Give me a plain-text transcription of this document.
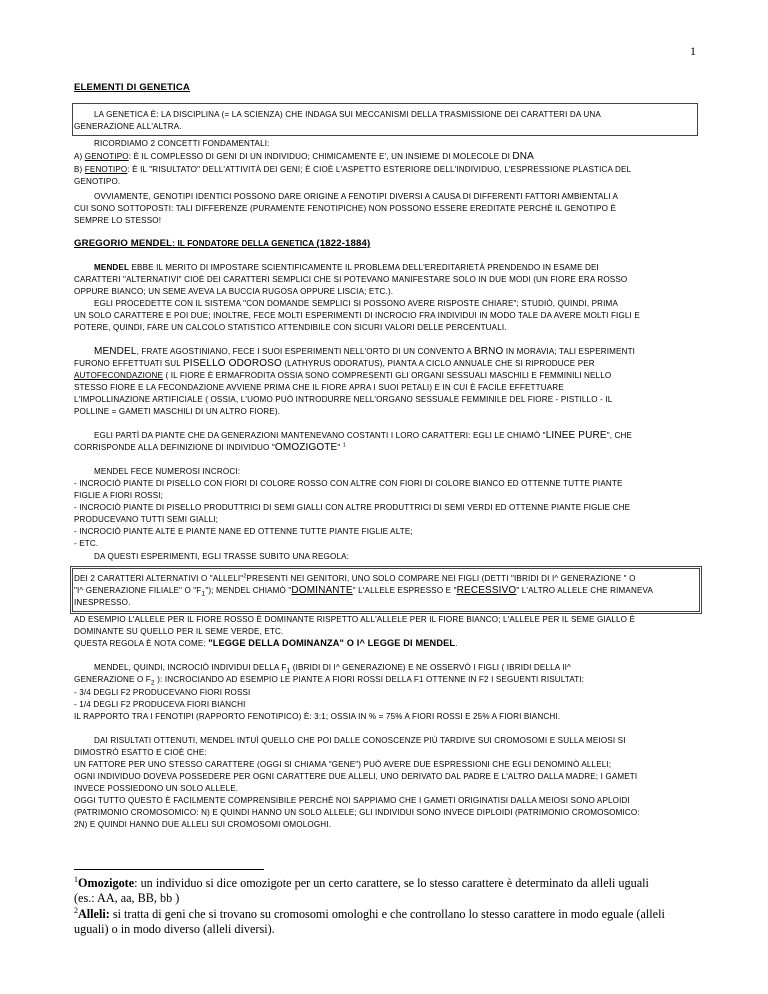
1
ELEMENTI DI GENETICA
LA GENETICA È: LA DISCIPLINA (= LA SCIENZA) CHE INDAGA SUI MECCANISMI DELLA TRASMISSIONE DEI CARATTERI DA UNA
GENERAZIONE ALL'ALTRA.
RICORDIAMO 2 CONCETTI FONDAMENTALI:
A) GENOTIPO: È IL COMPLESSO DI GENI DI UN INDIVIDUO; CHIMICAMENTE E', UN INSIEME DI MOLECOLE DI DNA
B) FENOTIPO: È IL "RISULTATO" DELL'ATTIVITÀ DEI GENI; È CIOÈ L'ASPETTO ESTERIORE DELL'INDIVIDUO, L'ESPRESSIONE PLASTICA DEL
GENOTIPO.
OVVIAMENTE, GENOTIPI IDENTICI POSSONO DARE ORIGINE A FENOTIPI DIVERSI A CAUSA DI DIFFERENTI FATTORI AMBIENTALI A
CUI SONO SOTTOPOSTI: TALI DIFFERENZE (PURAMENTE FENOTIPICHE) NON POSSONO ESSERE EREDITATE PERCHÈ IL GENOTIPO È
SEMPRE LO STESSO!
GREGORIO MENDEL: IL FONDATORE DELLA GENETICA (1822-1884)
MENDEL EBBE IL MERITO DI IMPOSTARE SCIENTIFICAMENTE IL PROBLEMA DELL'EREDITARIETÀ PRENDENDO IN ESAME DEI
CARATTERI "ALTERNATIVI" CIOÈ DEI CARATTERI SEMPLICI CHE SI POTEVANO MANIFESTARE SOLO IN DUE MODI (UN FIORE ERA ROSSO
OPPURE BIANCO; UN SEME AVEVA LA BUCCIA RUGOSA OPPURE LISCIA; ETC.).
EGLI PROCEDETTE CON IL SISTEMA "CON DOMANDE SEMPLICI SI POSSONO AVERE RISPOSTE CHIARE"; STUDIÒ, QUINDI, PRIMA
UN SOLO CARATTERE E POI DUE; INOLTRE, FECE MOLTI ESPERIMENTI DI INCROCIO FRA INDIVIDUI IN MODO TALE DA AVERE MOLTI FIGLI E
POTERE, QUINDI, FARE UN CALCOLO STATISTICO ATTENDIBILE CON SICURI VALORI DELLE PERCENTUALI.
MENDEL, FRATE AGOSTINIANO, FECE I SUOI ESPERIMENTI NELL'ORTO DI UN CONVENTO A BRNO IN MORAVIA; TALI ESPERIMENTI
FURONO EFFETTUATI SUL PISELLO ODOROSO (LATHYRUS ODORATUS), PIANTA A CICLO ANNUALE CHE SI RIPRODUCE PER
AUTOFECONDAZIONE ( IL FIORE È ERMAFRODITA OSSIA SONO COMPRESENTI GLI ORGANI SESSUALI MASCHILI E FEMMINILI NELLO
STESSO FIORE E LA FECONDAZIONE AVVIENE PRIMA CHE IL FIORE APRA I SUOI PETALI) E IN CUI È FACILE EFFETTUARE
L'IMPOLLINAZIONE ARTIFICIALE ( OSSIA, L'UOMO PUÒ INTRODURRE NELL'ORGANO SESSUALE FEMMINILE DEL FIORE - PISTILLO - IL
POLLINE = GAMETI MASCHILI DI UN ALTRO FIORE).
EGLI PARTÌ DA PIANTE CHE DA GENERAZIONI MANTENEVANO COSTANTI I LORO CARATTERI: EGLI LE CHIAMÒ "LINEE PURE", CHE
CORRISPONDE ALLA DEFINIZIONE DI INDIVIDUO "OMOZIGOTE" $^1$
MENDEL FECE NUMEROSI INCROCI:
- INCROCIÒ PIANTE DI PISELLO CON FIORI DI COLORE ROSSO CON ALTRE CON FIORI DI COLORE BIANCO ED OTTENNE TUTTE PIANTE
FIGLIE A FIORI ROSSI;
- INCROCIÒ PIANTE DI PISELLO PRODUTTRICI DI SEMI GIALLI CON ALTRE PRODUTTRICI DI SEMI VERDI ED OTTENNE PIANTE FIGLIE CHE
PRODUCEVANO TUTTI SEMI GIALLI;
- INCROCIÒ PIANTE ALTE E PIANTE NANE ED OTTENNE TUTTE PIANTE FIGLIE ALTE;
- ETC.
DA QUESTI ESPERIMENTI, EGLI TRASSE SUBITO UNA REGOLA:
DEI 2 CARATTERI ALTERNATIVI O "ALLELI"$^2$PRESENTI NEI GENITORI, UNO SOLO COMPARE NEI FIGLI (DETTI "IBRIDI DI I^ GENERAZIONE " O
"I^ GENERAZIONE FILIALE" O "$F_1$"); MENDEL CHIAMÒ "DOMINANTE" L'ALLELE ESPRESSO E "RECESSIVO" L'ALTRO ALLELE CHE RIMANEVA
INESPRESSO.
AD ESEMPIO L'ALLELE PER IL FIORE ROSSO È DOMINANTE RISPETTO ALL'ALLELE PER IL FIORE BIANCO; L'ALLELE PER IL SEME GIALLO È
DOMINANTE SU QUELLO PER IL SEME VERDE, ETC.
QUESTA REGOLA È NOTA COME: "LEGGE DELLA DOMINANZA" O I^ LEGGE DI MENDEL.
MENDEL, QUINDI, INCROCIÒ INDIVIDUI DELLA $F_1$ (IBRIDI DI I^ GENERAZIONE) E NE OSSERVÒ I FIGLI ( IBRIDI DELLA II^
GENERAZIONE O $F_2$ ): INCROCIANDO AD ESEMPIO LE PIANTE A FIORI ROSSI DELLA F1 OTTENNE IN F2 I SEGUENTI RISULTATI:
- 3/4 DEGLI F2 PRODUCEVANO FIORI ROSSI
- 1/4 DEGLI F2 PRODUCEVA FIORI BIANCHI
IL RAPPORTO TRA I FENOTIPI (RAPPORTO FENOTIPICO) È: 3:1; OSSIA IN % = 75% A FIORI ROSSI E 25% A FIORI BIANCHI.
DAI RISULTATI OTTENUTI, MENDEL INTUÌ QUELLO CHE POI DALLE CONOSCENZE PIÙ TARDIVE SUI CROMOSOMI E SULLA MEIOSI SI
DIMOSTRÒ ESATTO E CIOÈ CHE:
UN FATTORE PER UNO STESSO CARATTERE (OGGI SI CHIAMA "GENE") PUÒ AVERE DUE ESPRESSIONI CHE EGLI DENOMINÒ ALLELI;
OGNI INDIVIDUO DOVEVA POSSEDERE PER OGNI CARATTERE DUE ALLELI, UNO DERIVATO DAL PADRE E L'ALTRO DALLA MADRE; I GAMETI
INVECE POSSIEDONO UN SOLO ALLELE.
OGGI TUTTO QUESTO È FACILMENTE COMPRENSIBILE PERCHÈ NOI SAPPIAMO CHE I GAMETI ORIGINATISI DALLA MEIOSI SONO APLOIDI
(PATRIMONIO CROMOSOMICO: N) E QUINDI HANNO UN SOLO ALLELE; GLI INDIVIDUI SONO INVECE DIPLOIDI (PATRIMONIO CROMOSOMICO:
2N) E QUINDI HANNO DUE ALLELI SUI CROMOSOMI OMOLOGHI.
$^1$Omozigote: un individuo si dice omozigote per un certo carattere, se lo stesso carattere è determinato da alleli uguali
(es.: AA, aa, BB, bb )
$^2$Alleli: si tratta di geni che si trovano su cromosomi omologhi e che controllano lo stesso carattere in modo eguale (alleli
uguali) o in modo diverso (alleli diversi).
